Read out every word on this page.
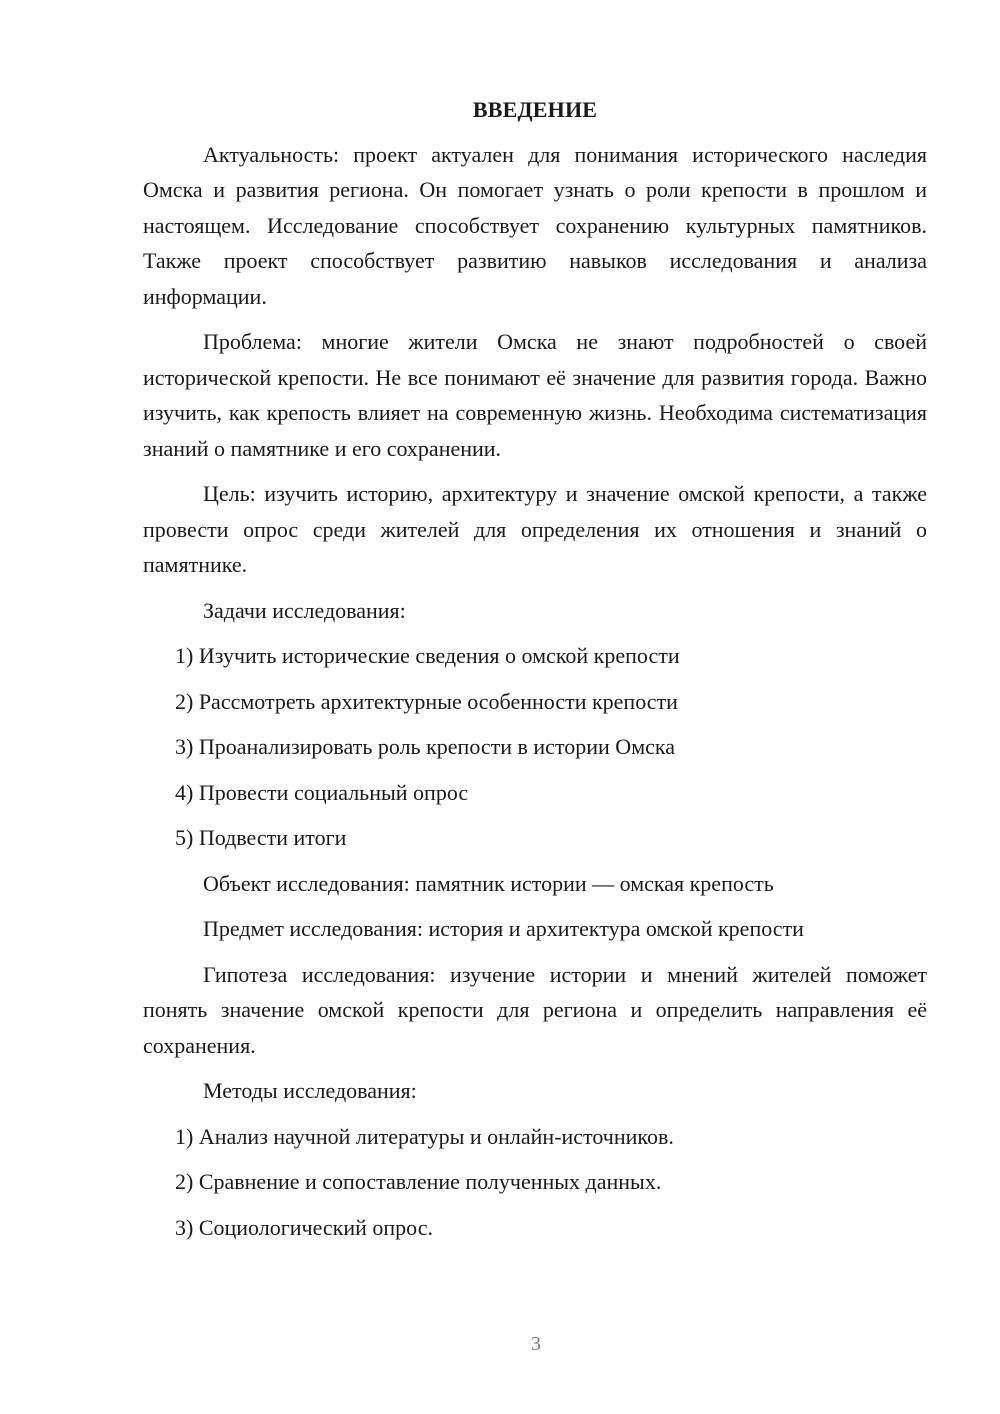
ВВЕДЕНИЕ

Актуальность: проект актуален для понимания исторического наследия Омска и развития региона. Он помогает узнать о роли крепости в прошлом и настоящем. Исследование способствует сохранению культурных памятников. Также проект способствует развитию навыков исследования и анализа информации.

Проблема: многие жители Омска не знают подробностей о своей исторической крепости. Не все понимают её значение для развития города. Важно изучить, как крепость влияет на современную жизнь. Необходима систематизация знаний о памятнике и его сохранении.

Цель: изучить историю, архитектуру и значение омской крепости, а также провести опрос среди жителей для определения их отношения и знаний о памятнике.

Задачи исследования:

1) Изучить исторические сведения о омской крепости

2) Рассмотреть архитектурные особенности крепости

3) Проанализировать роль крепости в истории Омска

4) Провести социальный опрос

5) Подвести итоги

Объект исследования: памятник истории — омская крепость

Предмет исследования: история и архитектура омской крепости

Гипотеза исследования: изучение истории и мнений жителей поможет понять значение омской крепости для региона и определить направления её сохранения.

Методы исследования:

1) Анализ научной литературы и онлайн-источников.

2) Сравнение и сопоставление полученных данных.

3) Социологический опрос.

3
